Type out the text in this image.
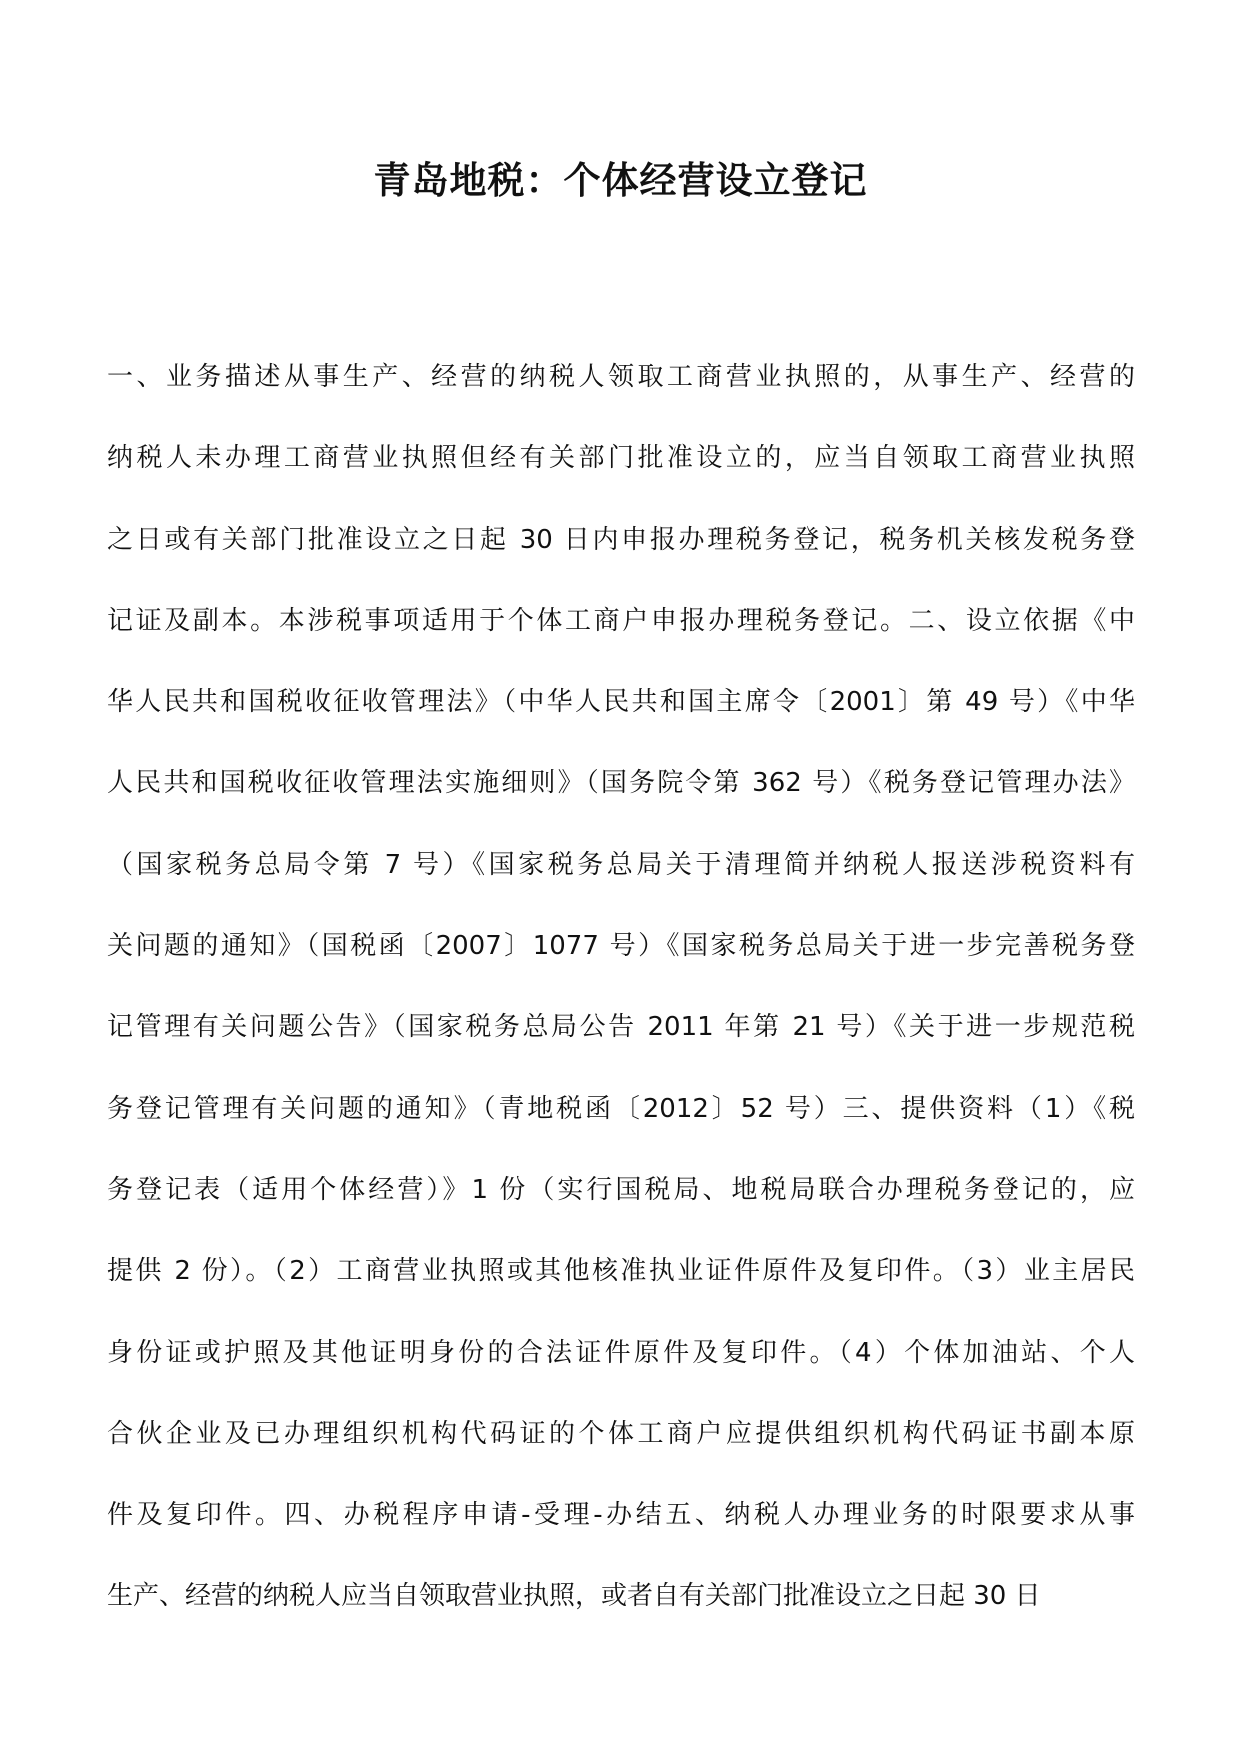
青岛地税：个体经营设立登记
一、业务描述从事生产、经营的纳税人领取工商营业执照的，从事生产、经营的
纳税人未办理工商营业执照但经有关部门批准设立的，应当自领取工商营业执照
之日或有关部门批准设立之日起 30 日内申报办理税务登记，税务机关核发税务登
记证及副本。本涉税事项适用于个体工商户申报办理税务登记。二、设立依据《中
华人民共和国税收征收管理法》（中华人民共和国主席令〔2001〕第 49 号）《中华
人民共和国税收征收管理法实施细则》（国务院令第 362 号）《税务登记管理办法》
（国家税务总局令第 7 号）《国家税务总局关于清理简并纳税人报送涉税资料有
关问题的通知》（国税函〔2007〕1077 号）《国家税务总局关于进一步完善税务登
记管理有关问题公告》（国家税务总局公告 2011 年第 21 号）《关于进一步规范税
务登记管理有关问题的通知》（青地税函〔2012〕52 号）三、提供资料（1）《税
务登记表（适用个体经营）》1 份（实行国税局、地税局联合办理税务登记的，应
提供 2 份）。（2）工商营业执照或其他核准执业证件原件及复印件。（3）业主居民
身份证或护照及其他证明身份的合法证件原件及复印件。（4）个体加油站、个人
合伙企业及已办理组织机构代码证的个体工商户应提供组织机构代码证书副本原
件及复印件。四、办税程序申请-受理-办结五、纳税人办理业务的时限要求从事
生产、经营的纳税人应当自领取营业执照，或者自有关部门批准设立之日起 30 日
